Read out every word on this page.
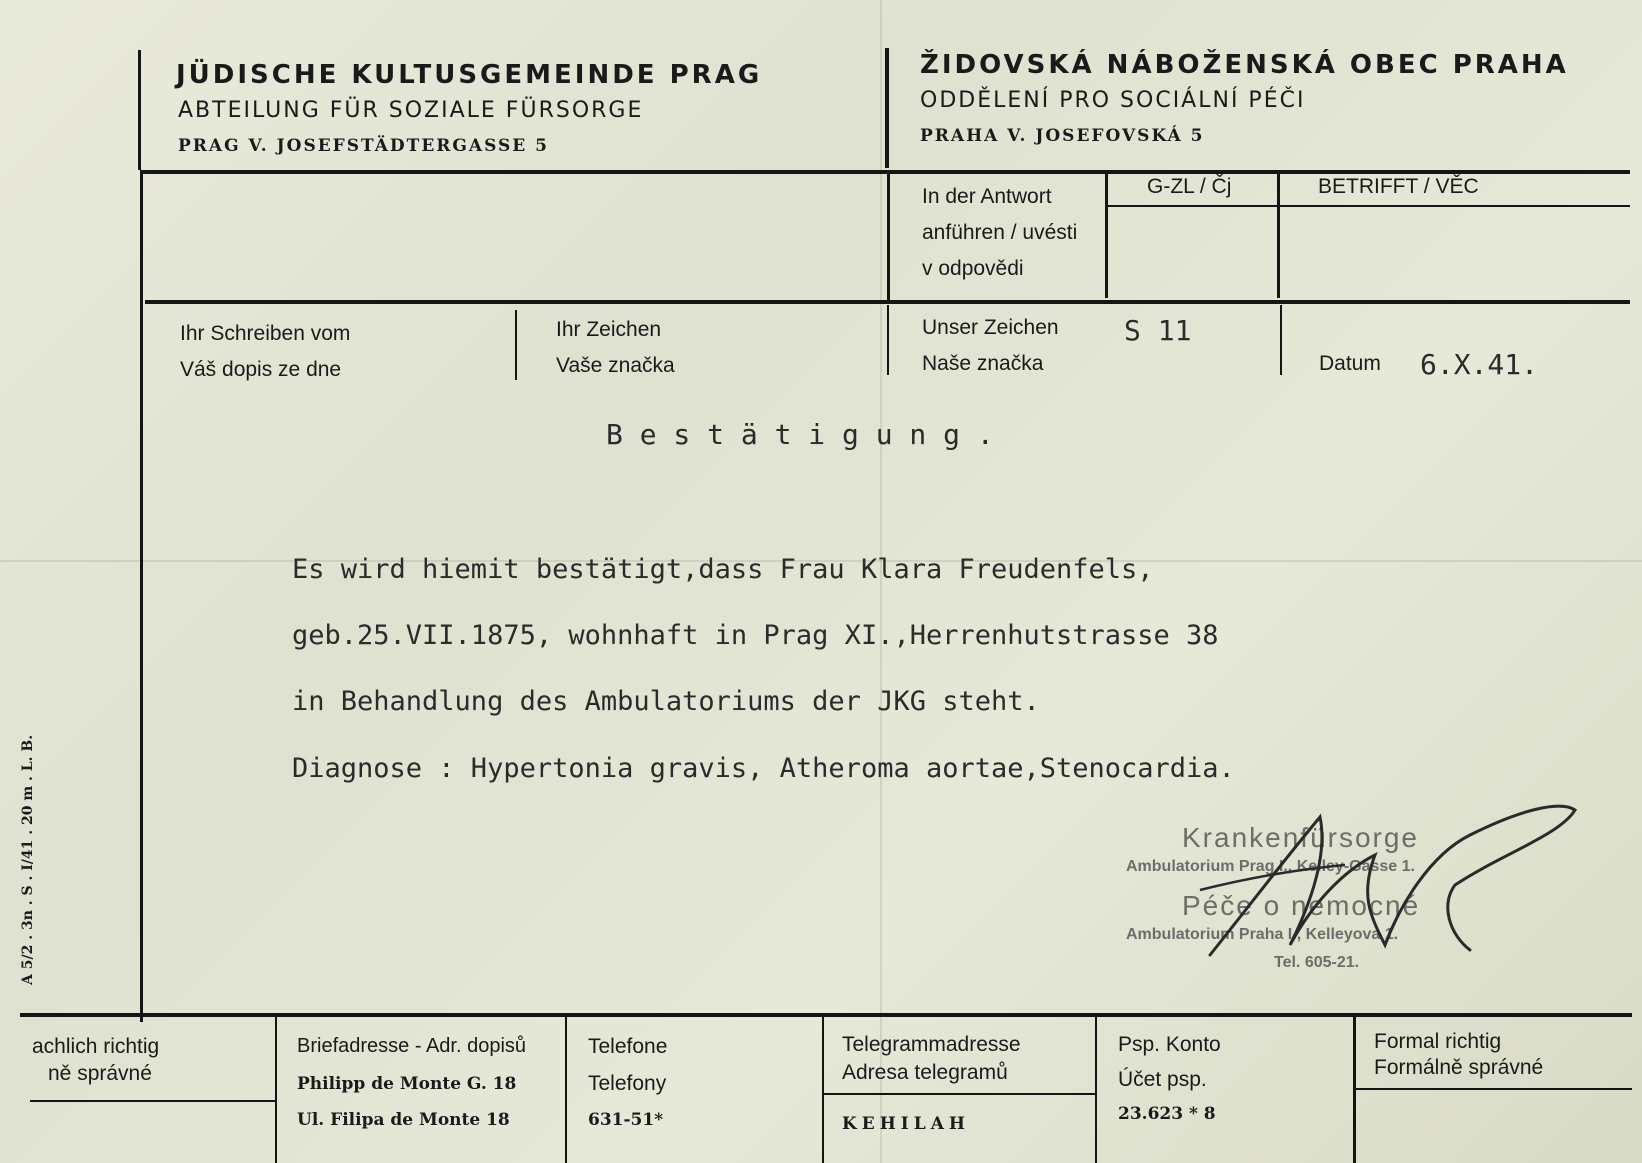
JÜDISCHE KULTUSGEMEINDE PRAG
ABTEILUNG FÜR SOZIALE FÜRSORGE
PRAG V. JOSEFSTÄDTERGASSE 5
ŽIDOVSKÁ NÁBOŽENSKÁ OBEC PRAHA
ODDĚLENÍ PRO SOCIÁLNÍ PÉČI
PRAHA V. JOSEFOVSKÁ 5
In der Antwort
anführen / uvésti
v odpovědi
G-ZL / Čj	BETRIFFT / VĚC
Ihr Schreiben vom
Váš dopis ze dne
Ihr Zeichen
Vaše značka
Unser Zeichen
Naše značka
S 11
Datum 6.X.41.
B e s t ä t i g u n g .
Es wird hiemit bestätigt,dass Frau Klara Freudenfels,
geb.25.VII.1875, wohnhaft in Prag XI.,Herrenhutstrasse 38
in Behandlung des Ambulatoriums der JKG steht.
Diagnose : Hypertonia gravis, Atheroma aortae,Stenocardia.
A 5/2 . 3n . S . I/41 . 20 m . L. B.	Krankenfürsorge
Ambulatorium Prag I., Kelley-Gasse 1.
Péče o nemocné
Ambulatorium Praha I., Kelleyova 1.
Tel. 605-21.
achlich richtig
ně správné
Briefadresse - Adr. dopisů
Philipp de Monte G. 18
Ul. Filipa de Monte 18
Telefone
Telefony
631-51*
Telegrammadresse
Adresa telegramů
KEHILAH
Psp. Konto
Účet psp.
23.623 * 8
Formal richtig
Formálně správné
